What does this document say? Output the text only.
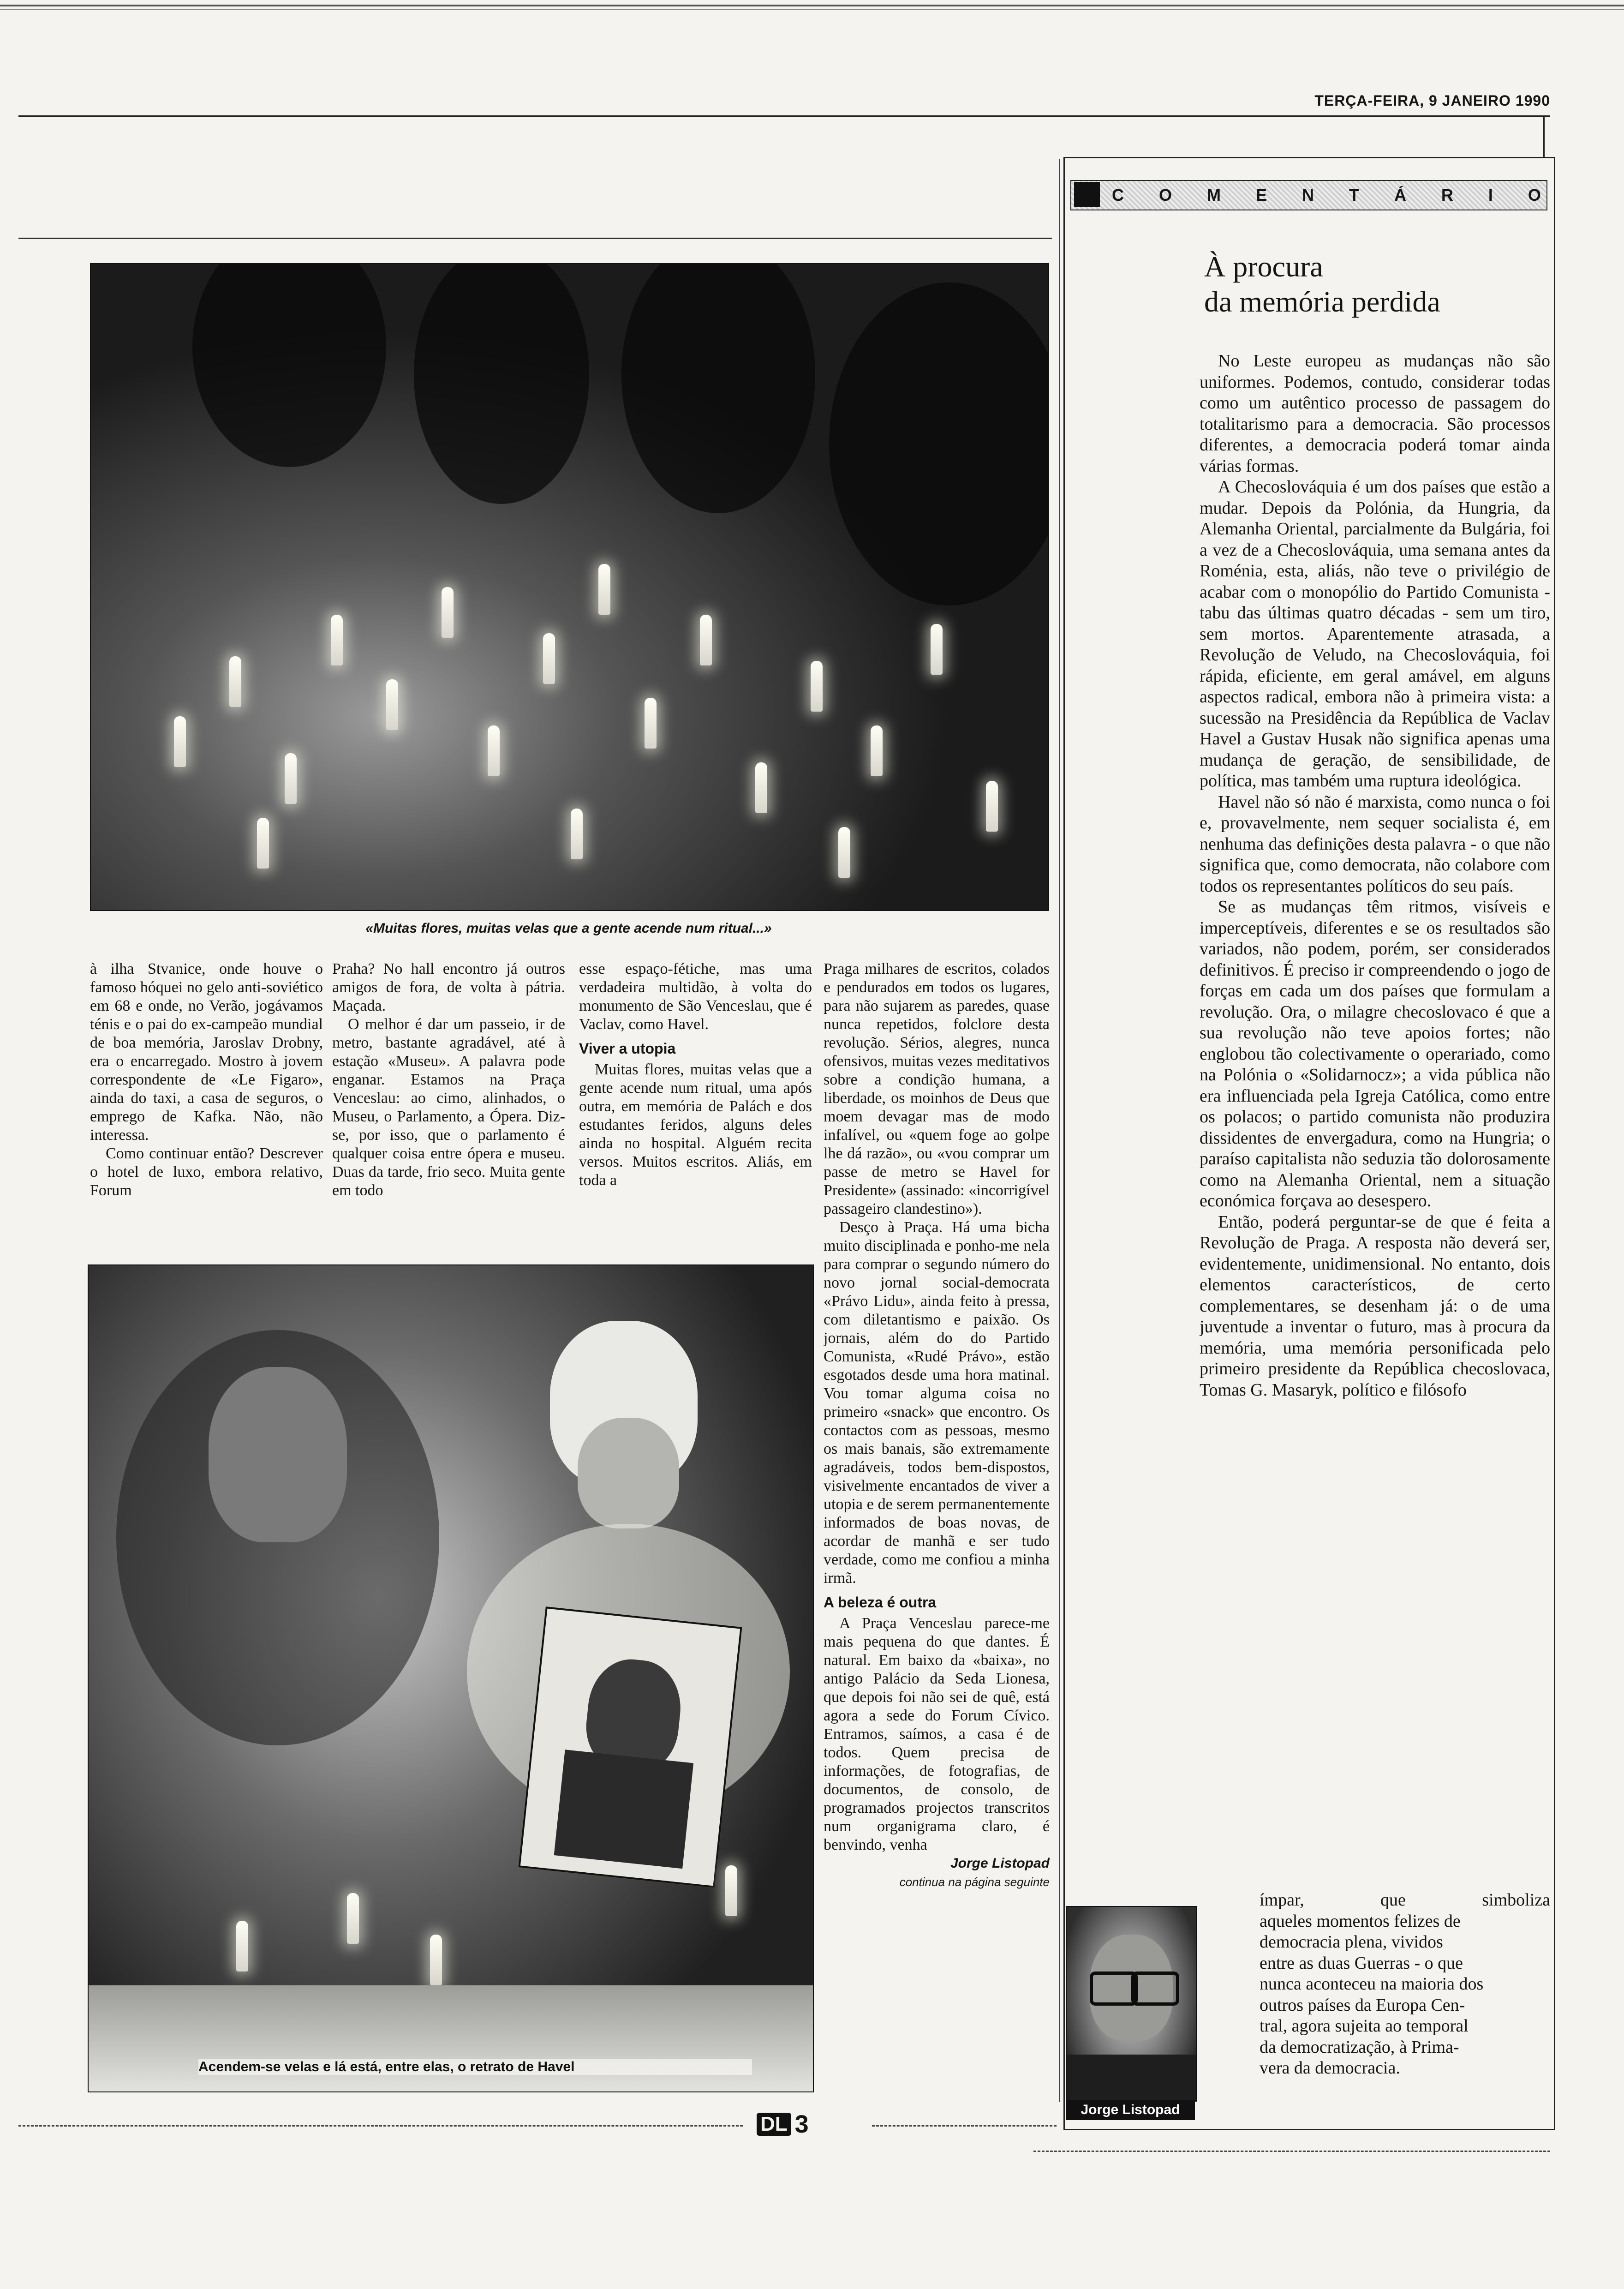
TERÇA-FEIRA, 9 JANEIRO 1990
«Muitas flores, muitas velas que a gente acende num ritual...»

à ilha Stvanice, onde houve o famoso hóquei no gelo anti-soviético em 68 e onde, no Verão, jogávamos ténis e o pai do ex-campeão mundial de boa memória, Jaroslav Drobny, era o encarregado. Mostro à jovem correspondente de «Le Figaro», ainda do taxi, a casa de seguros, o emprego de Kafka. Não, não interessa.

Como continuar então? Descrever o hotel de luxo, embora relativo, Forum

Praha? No hall encontro já outros amigos de fora, de volta à pátria. Maçada.

O melhor é dar um passeio, ir de metro, bastante agradável, até à estação «Museu». A palavra pode enganar. Estamos na Praça Venceslau: ao cimo, alinhados, o Museu, o Parlamento, a Ópera. Diz-se, por isso, que o parlamento é qualquer coisa entre ópera e museu. Duas da tarde, frio seco. Muita gente em todo

esse espaço-fétiche, mas uma verdadeira multidão, à volta do monumento de São Venceslau, que é Vaclav, como Havel.

Viver a utopia

Muitas flores, muitas velas que a gente acende num ritual, uma após outra, em memória de Palách e dos estudantes feridos, alguns deles ainda no hospital. Alguém recita versos. Muitos escritos. Aliás, em toda a

Praga milhares de escritos, colados e pendurados em todos os lugares, para não sujarem as paredes, quase nunca repetidos, folclore desta revolução. Sérios, alegres, nunca ofensivos, muitas vezes meditativos sobre a condição humana, a liberdade, os moinhos de Deus que moem devagar mas de modo infalível, ou «quem foge ao golpe lhe dá razão», ou «vou comprar um passe de metro se Havel for Presidente» (assinado: «incorrigível passageiro clandestino»).

Desço à Praça. Há uma bicha muito disciplinada e ponho-me nela para comprar o segundo número do novo jornal social-democrata «Právo Lidu», ainda feito à pressa, com diletantismo e paixão. Os jornais, além do do Partido Comunista, «Rudé Právo», estão esgotados desde uma hora matinal. Vou tomar alguma coisa no primeiro «snack» que encontro. Os contactos com as pessoas, mesmo os mais banais, são extremamente agradáveis, todos bem-dispostos, visivelmente encantados de viver a utopia e de serem permanentemente informados de boas novas, de acordar de manhã e ser tudo verdade, como me confiou a minha irmã.

A beleza é outra

A Praça Venceslau parece-me mais pequena do que dantes. É natural. Em baixo da «baixa», no antigo Palácio da Seda Lionesa, que depois foi não sei de quê, está agora a sede do Forum Cívico. Entramos, saímos, a casa é de todos. Quem precisa de informações, de fotografias, de documentos, de consolo, de programados projectos transcritos num organigrama claro, é benvindo, venha

Jorge Listopad
continua na página seguinte
Acendem-se velas e lá está, entre elas, o retrato de Havel
C O M E N T Á R I O
À procura
da memória perdida

No Leste europeu as mudanças não são uniformes. Podemos, contudo, considerar todas como um autêntico processo de passagem do totalitarismo para a democracia. São processos diferentes, a democracia poderá tomar ainda várias formas.

A Checoslováquia é um dos países que estão a mudar. Depois da Polónia, da Hungria, da Alemanha Oriental, parcialmente da Bulgária, foi a vez de a Checoslováquia, uma semana antes da Roménia, esta, aliás, não teve o privilégio de acabar com o monopólio do Partido Comunista - tabu das últimas quatro décadas - sem um tiro, sem mortos. Aparentemente atrasada, a Revolução de Veludo, na Checoslováquia, foi rápida, eficiente, em geral amável, em alguns aspectos radical, embora não à primeira vista: a sucessão na Presidência da República de Vaclav Havel a Gustav Husak não significa apenas uma mudança de geração, de sensibilidade, de política, mas também uma ruptura ideológica.

Havel não só não é marxista, como nunca o foi e, provavelmente, nem sequer socialista é, em nenhuma das definições desta palavra - o que não significa que, como democrata, não colabore com todos os representantes políticos do seu país.

Se as mudanças têm ritmos, visíveis e imperceptíveis, diferentes e se os resultados são variados, não podem, porém, ser considerados definitivos. É preciso ir compreendendo o jogo de forças em cada um dos países que formulam a revolução. Ora, o milagre checoslovaco é que a sua revolução não teve apoios fortes; não englobou tão colectivamente o operariado, como na Polónia o «Solidarnocz»; a vida pública não era influenciada pela Igreja Católica, como entre os polacos; o partido comunista não produzira dissidentes de envergadura, como na Hungria; o paraíso capitalista não seduzia tão dolorosamente como na Alemanha Oriental, nem a situação económica forçava ao desespero.

Então, poderá perguntar-se de que é feita a Revolução de Praga. A resposta não deverá ser, evidentemente, unidimensional. No entanto, dois elementos característicos, de certo complementares, se desenham já: o de uma juventude a inventar o futuro, mas à procura da memória, uma memória personificada pelo primeiro presidente da República checoslovaca, Tomas G. Masaryk, político e filósofo

ímpar, que simboliza
aqueles momentos felizes de
democracia plena, vividos
entre as duas Guerras - o que
nunca aconteceu na maioria dos
outros países da Europa Cen-
tral, agora sujeita ao temporal
da democratização, à Prima-
vera da democracia.
Jorge Listopad
DL 3
